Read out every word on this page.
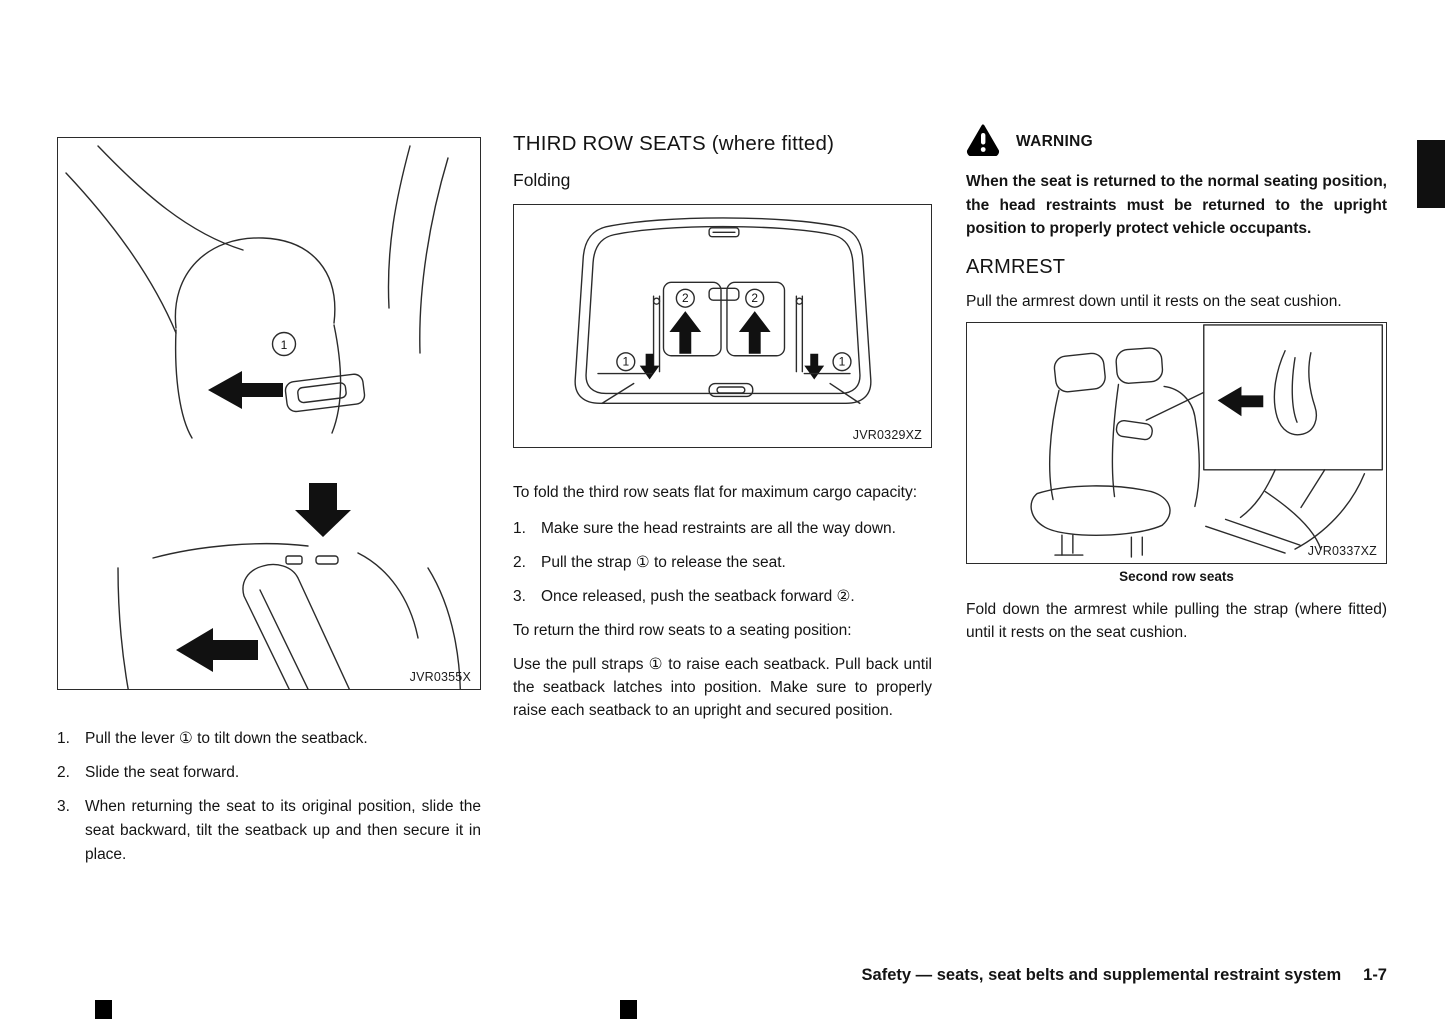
1
JVR0355X
1. Pull the lever ① to tilt down the seatback.
2. Slide the seat forward.
3. When returning the seat to its original position, slide the seat backward, tilt the seatback up and then secure it in place.
THIRD ROW SEATS (where fitted)
Folding
2	2
1	1
JVR0329XZ
To fold the third row seats flat for maximum cargo capacity:
1. Make sure the head restraints are all the way down.
2. Pull the strap ① to release the seat.
3. Once released, push the seatback forward ②.
To return the third row seats to a seating position:
Use the pull straps ① to raise each seatback. Pull back until the seatback latches into position. Make sure to properly raise each seatback to an upright and secured position.
WARNING
When the seat is returned to the normal seating position, the head restraints must be returned to the upright position to properly protect vehicle occupants.
ARMREST
Pull the armrest down until it rests on the seat cushion.
JVR0337XZ
Second row seats
Fold down the armrest while pulling the strap (where fitted) until it rests on the seat cushion.
Safety — seats, seat belts and supplemental restraint system 1-7
